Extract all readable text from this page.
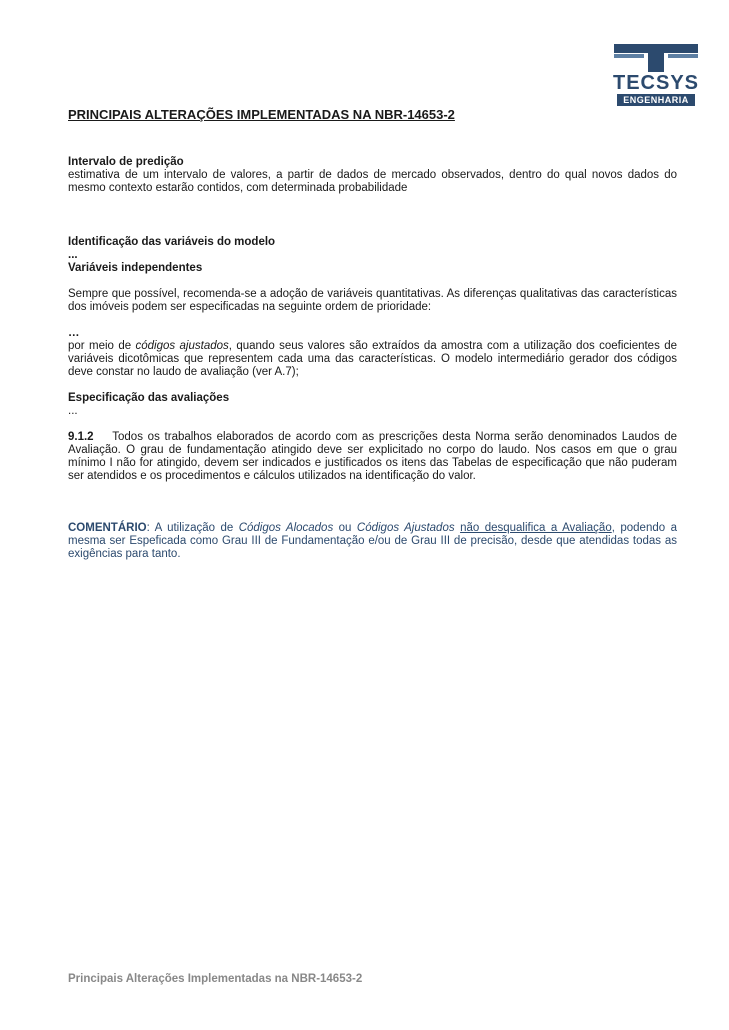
TECSYS
ENGENHARIA
PRINCIPAIS ALTERAÇÕES IMPLEMENTADAS NA NBR-14653-2
Intervalo de predição
estimativa de um intervalo de valores, a partir de dados de mercado observados, dentro do qual novos dados do mesmo contexto estarão contidos, com determinada probabilidade
Identificação das variáveis do modelo
...
Variáveis independentes
Sempre que possível, recomenda-se a adoção de variáveis quantitativas. As diferenças qualitativas das características dos imóveis podem ser especificadas na seguinte ordem de prioridade:
…
por meio de códigos ajustados, quando seus valores são extraídos da amostra com a utilização dos coeficientes de variáveis dicotômicas que representem cada uma das características. O modelo intermediário gerador dos códigos deve constar no laudo de avaliação (ver A.7);
Especificação das avaliações
...
9.1.2 Todos os trabalhos elaborados de acordo com as prescrições desta Norma serão denominados Laudos de Avaliação. O grau de fundamentação atingido deve ser explicitado no corpo do laudo. Nos casos em que o grau mínimo I não for atingido, devem ser indicados e justificados os itens das Tabelas de especificação que não puderam ser atendidos e os procedimentos e cálculos utilizados na identificação do valor.
COMENTÁRIO: A utilização de Códigos Alocados ou Códigos Ajustados não desqualifica a Avaliação, podendo a mesma ser Espeficada como Grau III de Fundamentação e/ou de Grau III de precisão, desde que atendidas todas as exigências para tanto.
Principais Alterações Implementadas na NBR-14653-2
